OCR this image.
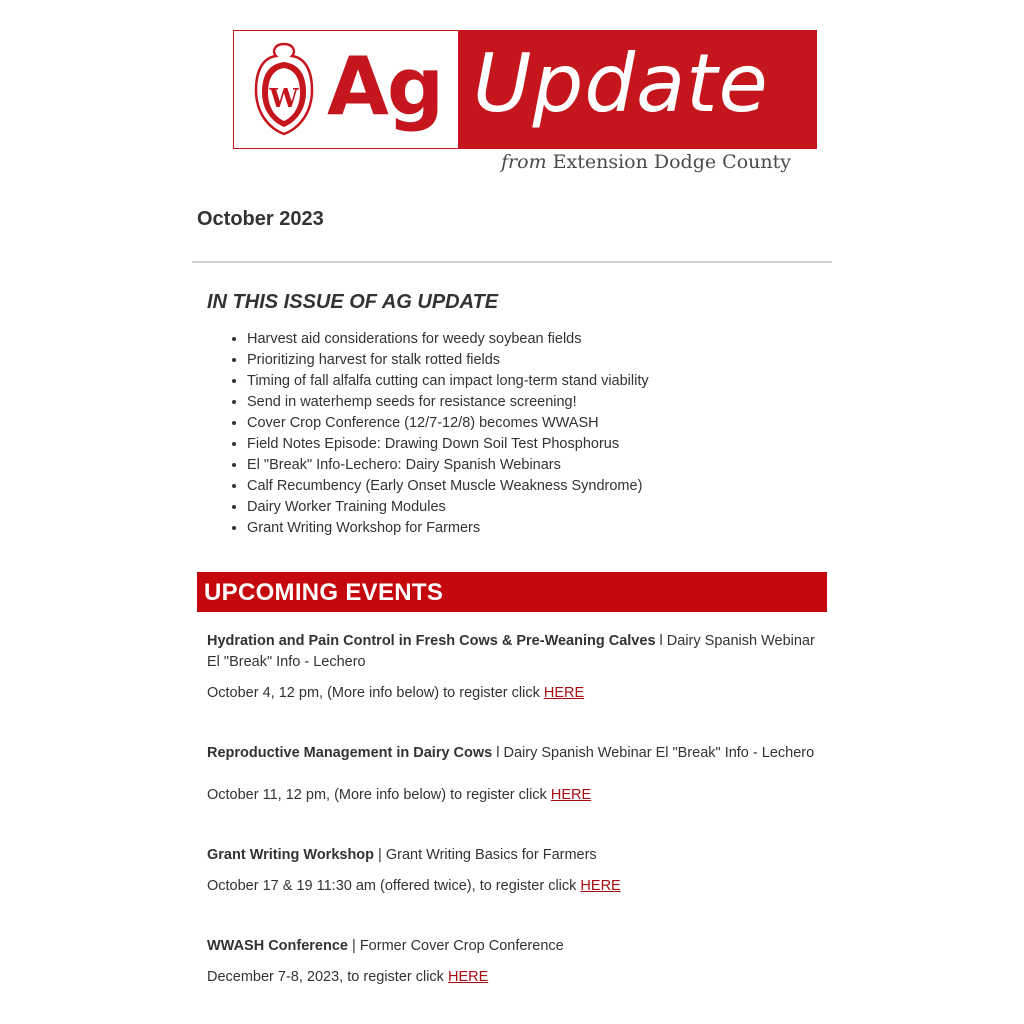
W Ag Update
from Extension Dodge County
October 2023
IN THIS ISSUE OF AG UPDATE
• Harvest aid considerations for weedy soybean fields
• Prioritizing harvest for stalk rotted fields
• Timing of fall alfalfa cutting can impact long-term stand viability
• Send in waterhemp seeds for resistance screening!
• Cover Crop Conference (12/7-12/8) becomes WWASH
• Field Notes Episode: Drawing Down Soil Test Phosphorus
• El "Break" Info-Lechero: Dairy Spanish Webinars
• Calf Recumbency (Early Onset Muscle Weakness Syndrome)
• Dairy Worker Training Modules
• Grant Writing Workshop for Farmers
UPCOMING EVENTS
Hydration and Pain Control in Fresh Cows & Pre-Weaning Calves l Dairy Spanish Webinar El "Break" Info - Lechero
October 4, 12 pm, (More info below) to register click HERE
Reproductive Management in Dairy Cows l Dairy Spanish Webinar El "Break" Info - Lechero
October 11, 12 pm, (More info below) to register click HERE
Grant Writing Workshop | Grant Writing Basics for Farmers
October 17 & 19 11:30 am (offered twice), to register click HERE
WWASH Conference | Former Cover Crop Conference
December 7-8, 2023, to register click HERE
